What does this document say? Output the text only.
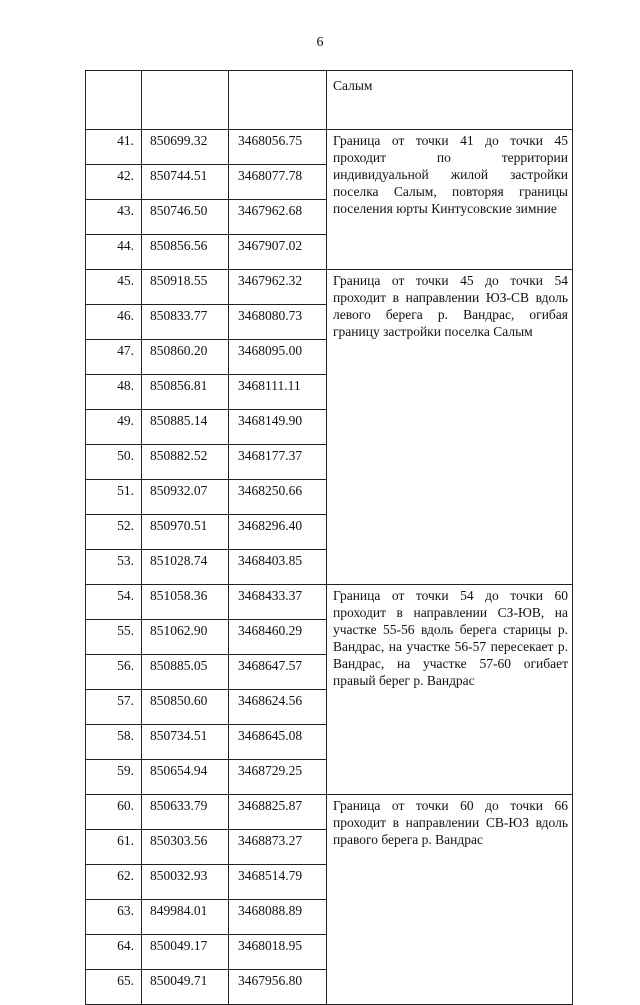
6
			Салым
41.	850699.32	3468056.75	Граница от точки 41 до точки 45 проходит по территории индивидуальной жилой застройки поселка Салым, повторяя границы поселения юрты Кинтусовские зимние
42.	850744.51	3468077.78	
43.	850746.50	3467962.68	
44.	850856.56	3467907.02	
45.	850918.55	3467962.32	Граница от точки 45 до точки 54 проходит в направлении ЮЗ-СВ вдоль левого берега р. Вандрас, огибая границу застройки поселка Салым
46.	850833.77	3468080.73	
47.	850860.20	3468095.00	
48.	850856.81	3468111.11	
49.	850885.14	3468149.90	
50.	850882.52	3468177.37	
51.	850932.07	3468250.66	
52.	850970.51	3468296.40	
53.	851028.74	3468403.85	
54.	851058.36	3468433.37	Граница от точки 54 до точки 60 проходит в направлении СЗ-ЮВ, на участке 55-56 вдоль берега старицы р. Вандрас, на участке 56-57 пересекает р. Вандрас, на участке 57-60 огибает правый берег р. Вандрас
55.	851062.90	3468460.29	
56.	850885.05	3468647.57	
57.	850850.60	3468624.56	
58.	850734.51	3468645.08	
59.	850654.94	3468729.25	
60.	850633.79	3468825.87	Граница от точки 60 до точки 66 проходит в направлении СВ-ЮЗ вдоль правого берега р. Вандрас
61.	850303.56	3468873.27	
62.	850032.93	3468514.79	
63.	849984.01	3468088.89	
64.	850049.17	3468018.95	
65.	850049.71	3467956.80	
